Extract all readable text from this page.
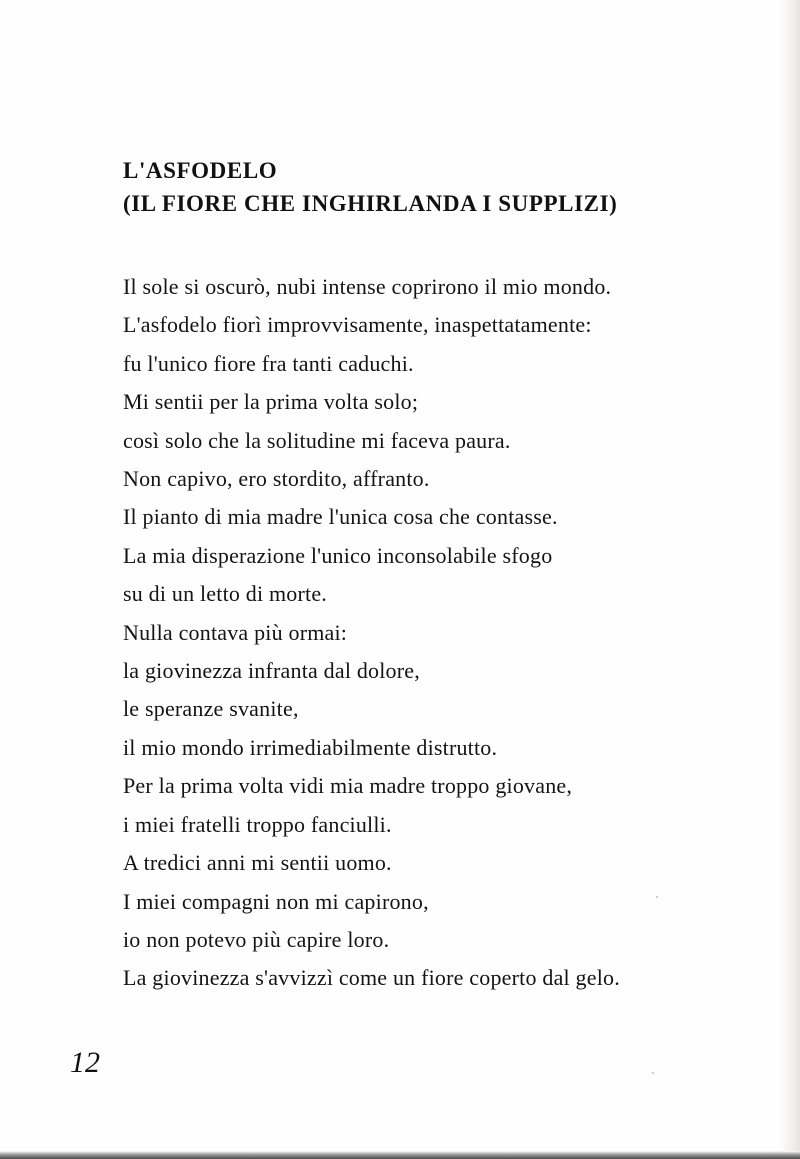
L'ASFODELO
(IL FIORE CHE INGHIRLANDA I SUPPLIZI)
Il sole si oscurò, nubi intense coprirono il mio mondo.
L'asfodelo fiorì improvvisamente, inaspettatamente:
fu l'unico fiore fra tanti caduchi.
Mi sentii per la prima volta solo;
così solo che la solitudine mi faceva paura.
Non capivo, ero stordito, affranto.
Il pianto di mia madre l'unica cosa che contasse.
La mia disperazione l'unico inconsolabile sfogo
su di un letto di morte.
Nulla contava più ormai:
la giovinezza infranta dal dolore,
le speranze svanite,
il mio mondo irrimediabilmente distrutto.
Per la prima volta vidi mia madre troppo giovane,
i miei fratelli troppo fanciulli.
A tredici anni mi sentii uomo.
I miei compagni non mi capirono,
io non potevo più capire loro.
La giovinezza s'avvizzì come un fiore coperto dal gelo.
12
